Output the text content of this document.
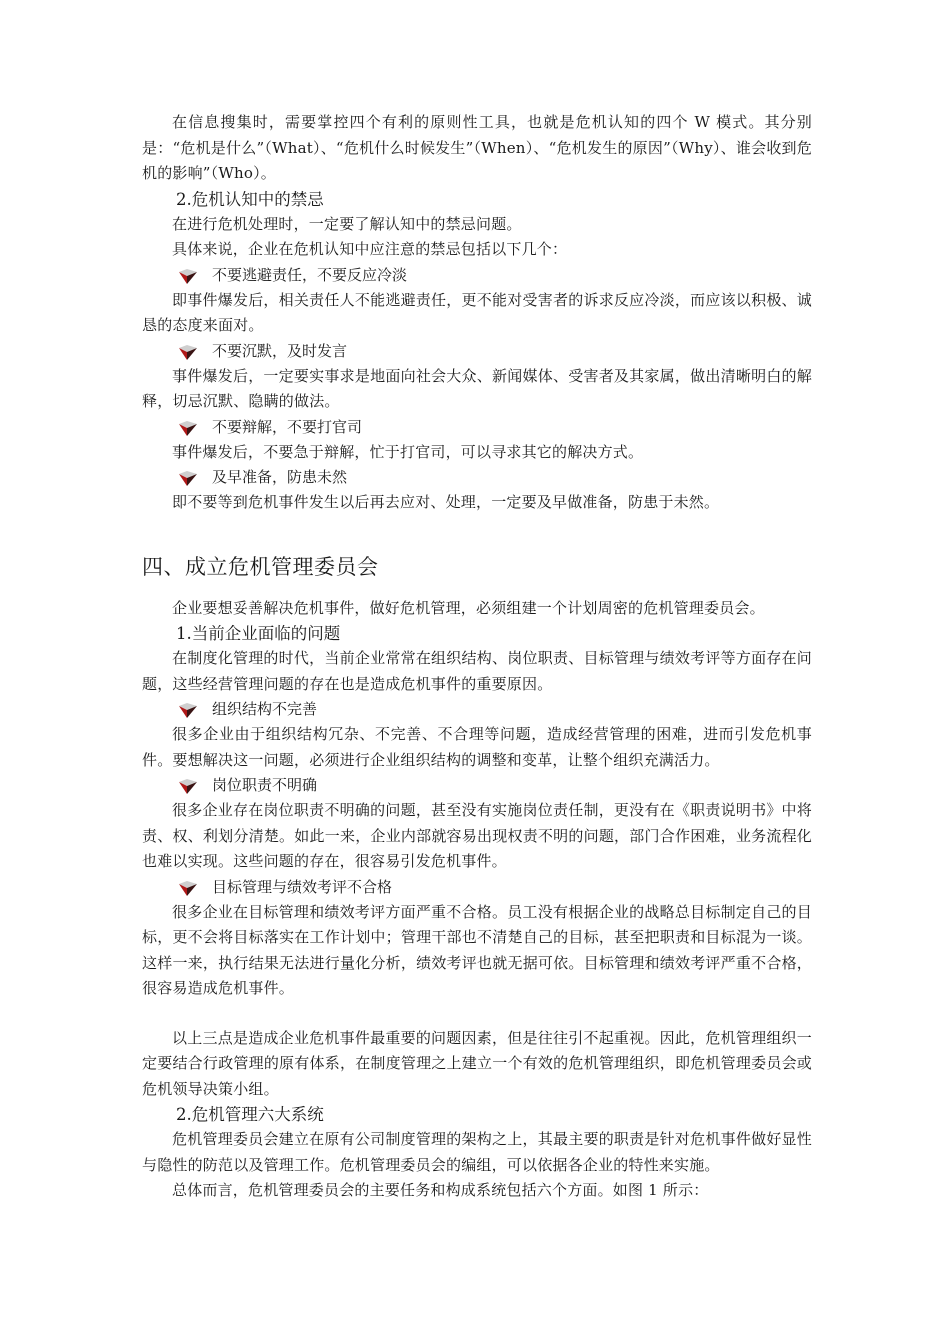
在信息搜集时，需要掌控四个有利的原则性工具，也就是危机认知的四个 W 模式。其分别是：“危机是什么”（What）、“危机什么时候发生”（When）、“危机发生的原因”（Why）、谁会收到危机的影响”（Who）。

2.危机认知中的禁忌

在进行危机处理时，一定要了解认知中的禁忌问题。

具体来说，企业在危机认知中应注意的禁忌包括以下几个：

不要逃避责任，不要反应冷淡

即事件爆发后，相关责任人不能逃避责任，更不能对受害者的诉求反应冷淡，而应该以积极、诚恳的态度来面对。

不要沉默，及时发言

事件爆发后，一定要实事求是地面向社会大众、新闻媒体、受害者及其家属，做出清晰明白的解释，切忌沉默、隐瞒的做法。

不要辩解，不要打官司

事件爆发后，不要急于辩解，忙于打官司，可以寻求其它的解决方式。

及早准备，防患未然

即不要等到危机事件发生以后再去应对、处理，一定要及早做准备，防患于未然。

四、成立危机管理委员会

企业要想妥善解决危机事件，做好危机管理，必须组建一个计划周密的危机管理委员会。

1.当前企业面临的问题

在制度化管理的时代，当前企业常常在组织结构、岗位职责、目标管理与绩效考评等方面存在问题，这些经营管理问题的存在也是造成危机事件的重要原因。

组织结构不完善

很多企业由于组织结构冗杂、不完善、不合理等问题，造成经营管理的困难，进而引发危机事件。要想解决这一问题，必须进行企业组织结构的调整和变革，让整个组织充满活力。

岗位职责不明确

很多企业存在岗位职责不明确的问题，甚至没有实施岗位责任制，更没有在《职责说明书》中将责、权、利划分清楚。如此一来，企业内部就容易出现权责不明的问题，部门合作困难，业务流程化也难以实现。这些问题的存在，很容易引发危机事件。

目标管理与绩效考评不合格

很多企业在目标管理和绩效考评方面严重不合格。员工没有根据企业的战略总目标制定自己的目标，更不会将目标落实在工作计划中；管理干部也不清楚自己的目标，甚至把职责和目标混为一谈。这样一来，执行结果无法进行量化分析，绩效考评也就无据可依。目标管理和绩效考评严重不合格，很容易造成危机事件。

以上三点是造成企业危机事件最重要的问题因素，但是往往引不起重视。因此，危机管理组织一定要结合行政管理的原有体系，在制度管理之上建立一个有效的危机管理组织，即危机管理委员会或危机领导决策小组。

2.危机管理六大系统

危机管理委员会建立在原有公司制度管理的架构之上，其最主要的职责是针对危机事件做好显性与隐性的防范以及管理工作。危机管理委员会的编组，可以依据各企业的特性来实施。

总体而言，危机管理委员会的主要任务和构成系统包括六个方面。如图 1 所示：
